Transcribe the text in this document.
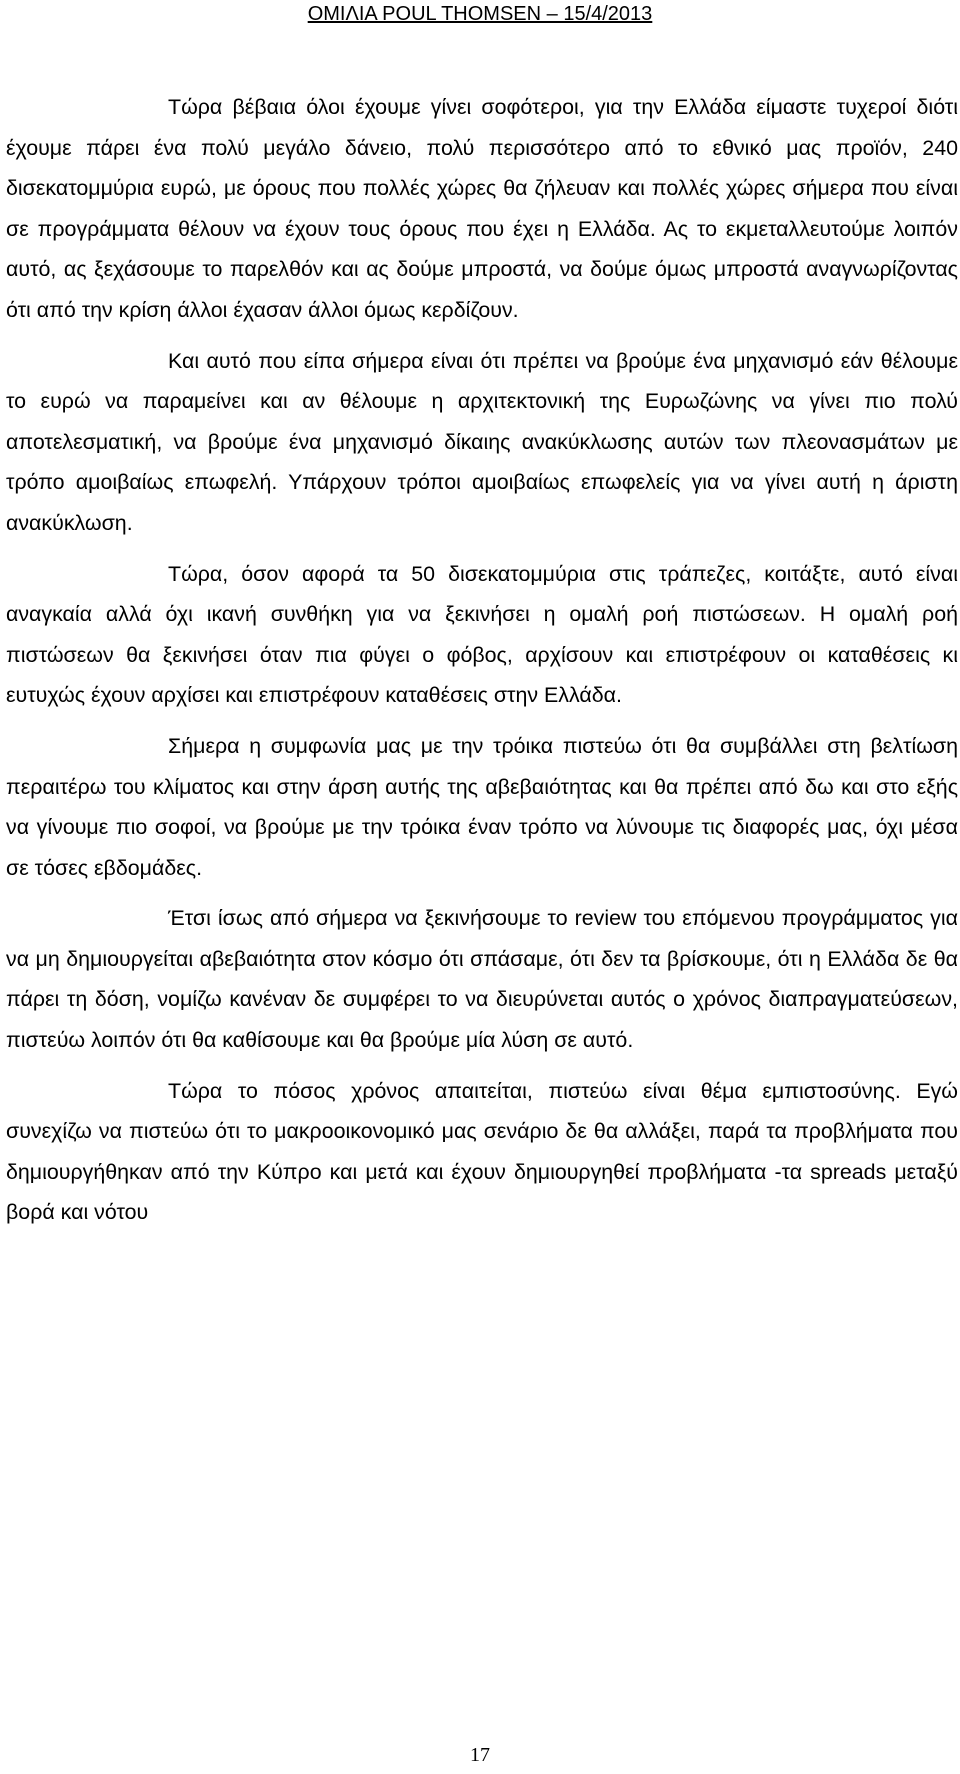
ΟΜΙΛΙΑ POUL THOMSEN – 15/4/2013

Τώρα βέβαια όλοι έχουμε γίνει σοφότεροι, για την Ελλάδα είμαστε τυχεροί διότι έχουμε πάρει ένα πολύ μεγάλο δάνειο, πολύ περισσότερο από το εθνικό μας προϊόν, 240 δισεκατομμύρια ευρώ, με όρους που πολλές χώρες θα ζήλευαν και πολλές χώρες σήμερα που είναι σε προγράμματα θέλουν να έχουν τους όρους που έχει η Ελλάδα. Ας το εκμεταλλευτούμε λοιπόν αυτό, ας ξεχάσουμε το παρελθόν και ας δούμε μπροστά, να δούμε όμως μπροστά αναγνωρίζοντας ότι από την κρίση άλλοι έχασαν άλλοι όμως κερδίζουν.

Και αυτό που είπα σήμερα είναι ότι πρέπει να βρούμε ένα μηχανισμό εάν θέλουμε το ευρώ να παραμείνει και αν θέλουμε η αρχιτεκτονική της Ευρωζώνης να γίνει πιο πολύ αποτελεσματική, να βρούμε ένα μηχανισμό δίκαιης ανακύκλωσης αυτών των πλεονασμάτων με τρόπο αμοιβαίως επωφελή. Υπάρχουν τρόποι αμοιβαίως επωφελείς για να γίνει αυτή η άριστη ανακύκλωση.

Τώρα, όσον αφορά τα 50 δισεκατομμύρια στις τράπεζες, κοιτάξτε, αυτό είναι αναγκαία αλλά όχι ικανή συνθήκη για να ξεκινήσει η ομαλή ροή πιστώσεων. Η ομαλή ροή πιστώσεων θα ξεκινήσει όταν πια φύγει ο φόβος, αρχίσουν και επιστρέφουν οι καταθέσεις κι ευτυχώς έχουν αρχίσει και επιστρέφουν καταθέσεις στην Ελλάδα.

Σήμερα η συμφωνία μας με την τρόικα πιστεύω ότι θα συμβάλλει στη βελτίωση περαιτέρω του κλίματος και στην άρση αυτής της αβεβαιότητας και θα πρέπει από δω και στο εξής να γίνουμε πιο σοφοί, να βρούμε με την τρόικα έναν τρόπο να λύνουμε τις διαφορές μας, όχι μέσα σε τόσες εβδομάδες.

Έτσι ίσως από σήμερα να ξεκινήσουμε το review του επόμενου προγράμματος για να μη δημιουργείται αβεβαιότητα στον κόσμο ότι σπάσαμε, ότι δεν τα βρίσκουμε, ότι η Ελλάδα δε θα πάρει τη δόση, νομίζω κανέναν δε συμφέρει το να διευρύνεται αυτός ο χρόνος διαπραγματεύσεων, πιστεύω λοιπόν ότι θα καθίσουμε και θα βρούμε μία λύση σε αυτό.

Τώρα το πόσος χρόνος απαιτείται, πιστεύω είναι θέμα εμπιστοσύνης. Εγώ συνεχίζω να πιστεύω ότι το μακροοικονομικό μας σενάριο δε θα αλλάξει, παρά τα προβλήματα που δημιουργήθηκαν από την Κύπρο και μετά και έχουν δημιουργηθεί προβλήματα -τα spreads μεταξύ βορά και νότου

17
